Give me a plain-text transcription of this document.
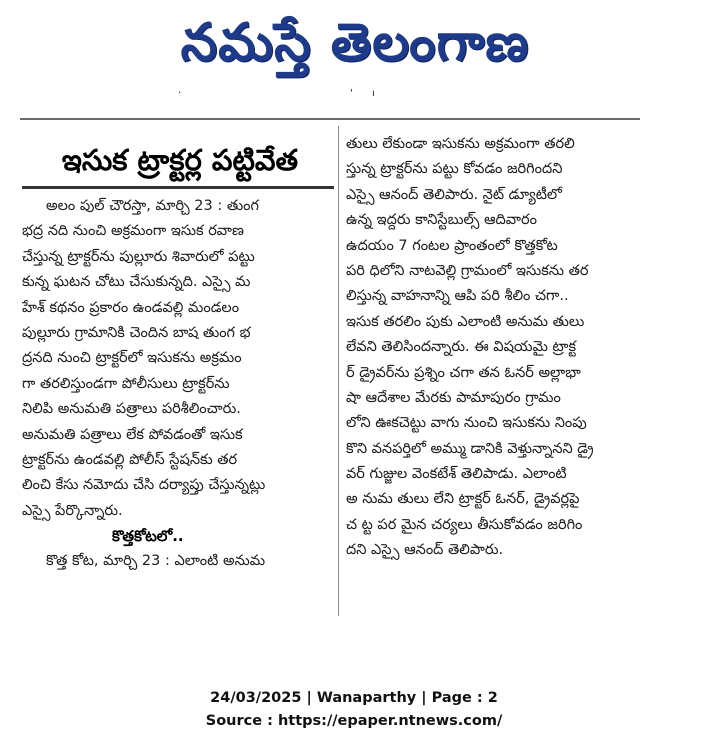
నమస్తే తెలంగాణ
·	' ı
ఇసుక ట్రాక్టర్ల పట్టివేత
అలం పుల్ చౌరస్తా, మార్చి 23 : తుంగ
భద్ర నది నుంచి అక్రమంగా ఇసుక రవాణ
చేస్తున్న ట్రాక్టర్‌ను పుల్లూరు శివారులో పట్టు
కున్న ఘటన చోటు చేసుకున్నది. ఎస్సై మ
హేశ్ కథనం ప్రకారం ఉండవల్లి మండలం
పుల్లూరు గ్రామానికి చెందిన బాష తుంగ భ
ద్రనది నుంచి ట్రాక్టర్‌లో ఇసుకను అక్రమం
గా తరలిస్తుండగా పోలీసులు ట్రాక్టర్‌ను
నిలిపి అనుమతి పత్రాలు పరిశీలించారు.
అనుమతి పత్రాలు లేక పోవడంతో ఇసుక
ట్రాక్టర్‌ను ఉండవల్లి పోలీస్ స్టేషన్‌కు తర
లించి కేసు నమోదు చేసి దర్యాప్తు చేస్తున్నట్లు
ఎస్సై పేర్కొన్నారు.
కొత్తకోటలో..
కొత్త కోట, మార్చి 23 : ఎలాంటి అనుమ
తులు లేకుండా ఇసుకను అక్రమంగా తరలి
స్తున్న ట్రాక్టర్‌ను పట్టు కోవడం జరిగిందని
ఎస్సై ఆనంద్ తెలిపారు. నైట్ డ్యూటీలో
ఉన్న ఇద్దరు కానిస్టేబుల్స్ ఆదివారం
ఉదయం 7 గంటల ప్రాంతంలో కొత్తకోట
పరి ధిలోని నాటవెల్లి గ్రామంలో ఇసుకను తర
లిస్తున్న వాహనాన్ని ఆపి పరి శీలిం చగా..
ఇసుక తరలిం పుకు ఎలాంటి అనుమ తులు
లేవని తెలిసిందన్నారు. ఈ విషయమై ట్రాక్ట
ర్ డ్రైవర్‌ను ప్రశ్నిం చగా తన ఓనర్ అల్లాభా
షా ఆదేశాల మేరకు పామాపురం గ్రామం
లోని ఊకచెట్టు వాగు నుంచి ఇసుకను నింపు
కొని వనపర్తిలో అమ్ము డానికి వెళ్తున్నానని డ్రై
వర్ గుజ్జుల వెంకటేశ్ తెలిపాడు. ఎలాంటి
అ నుమ తులు లేని ట్రాక్టర్ ఓనర్, డ్రైవర్లపై
చ ట్ట పర మైన చర్యలు తీసుకోవడం జరిగిం
దని ఎస్సై ఆనంద్ తెలిపారు.
24/03/2025 | Wanaparthy | Page : 2
Source : https://epaper.ntnews.com/
